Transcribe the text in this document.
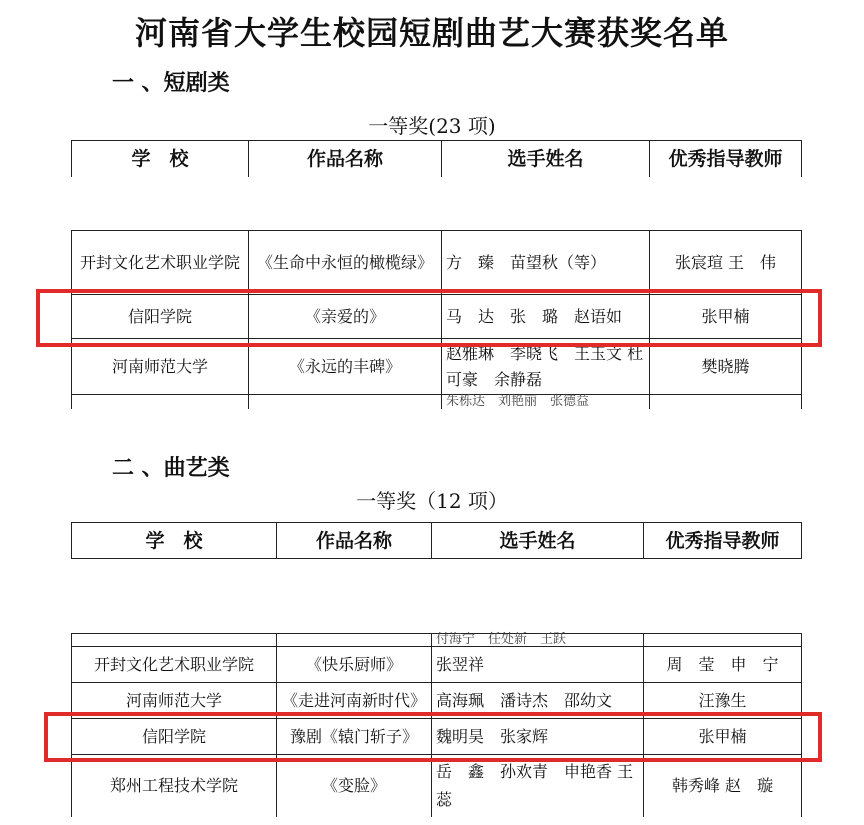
河南省大学生校园短剧曲艺大赛获奖名单
一 、短剧类
一等奖(23 项)
学　校	作品名称	选手姓名	优秀指导教师
开封文化艺术职业学院	《生命中永恒的橄榄绿》	方　臻　苗望秋（等）	张宸瑄 王　伟
信阳学院	《亲爱的》	马　达　张　璐　赵语如	张甲楠
河南师范大学	《永远的丰碑》	赵雅琳　李晓飞　王玉文 杜可豪　余静磊	樊晓腾
		朱栎达　刘艳丽　张德益	
二 、曲艺类
一等奖（12 项）
学　校	作品名称	选手姓名	优秀指导教师
		付海宁　任处新　王跃	
开封文化艺术职业学院	《快乐厨师》	张翌祥	周　莹　申　宁
河南师范大学	《走进河南新时代》	高海珮　潘诗杰　邵幼文	汪豫生
信阳学院	豫剧《辕门斩子》	魏明昊　张家辉	张甲楠
郑州工程技术学院	《变脸》	岳　鑫　孙欢青　申艳香 王　蕊	韩秀峰 赵　璇
